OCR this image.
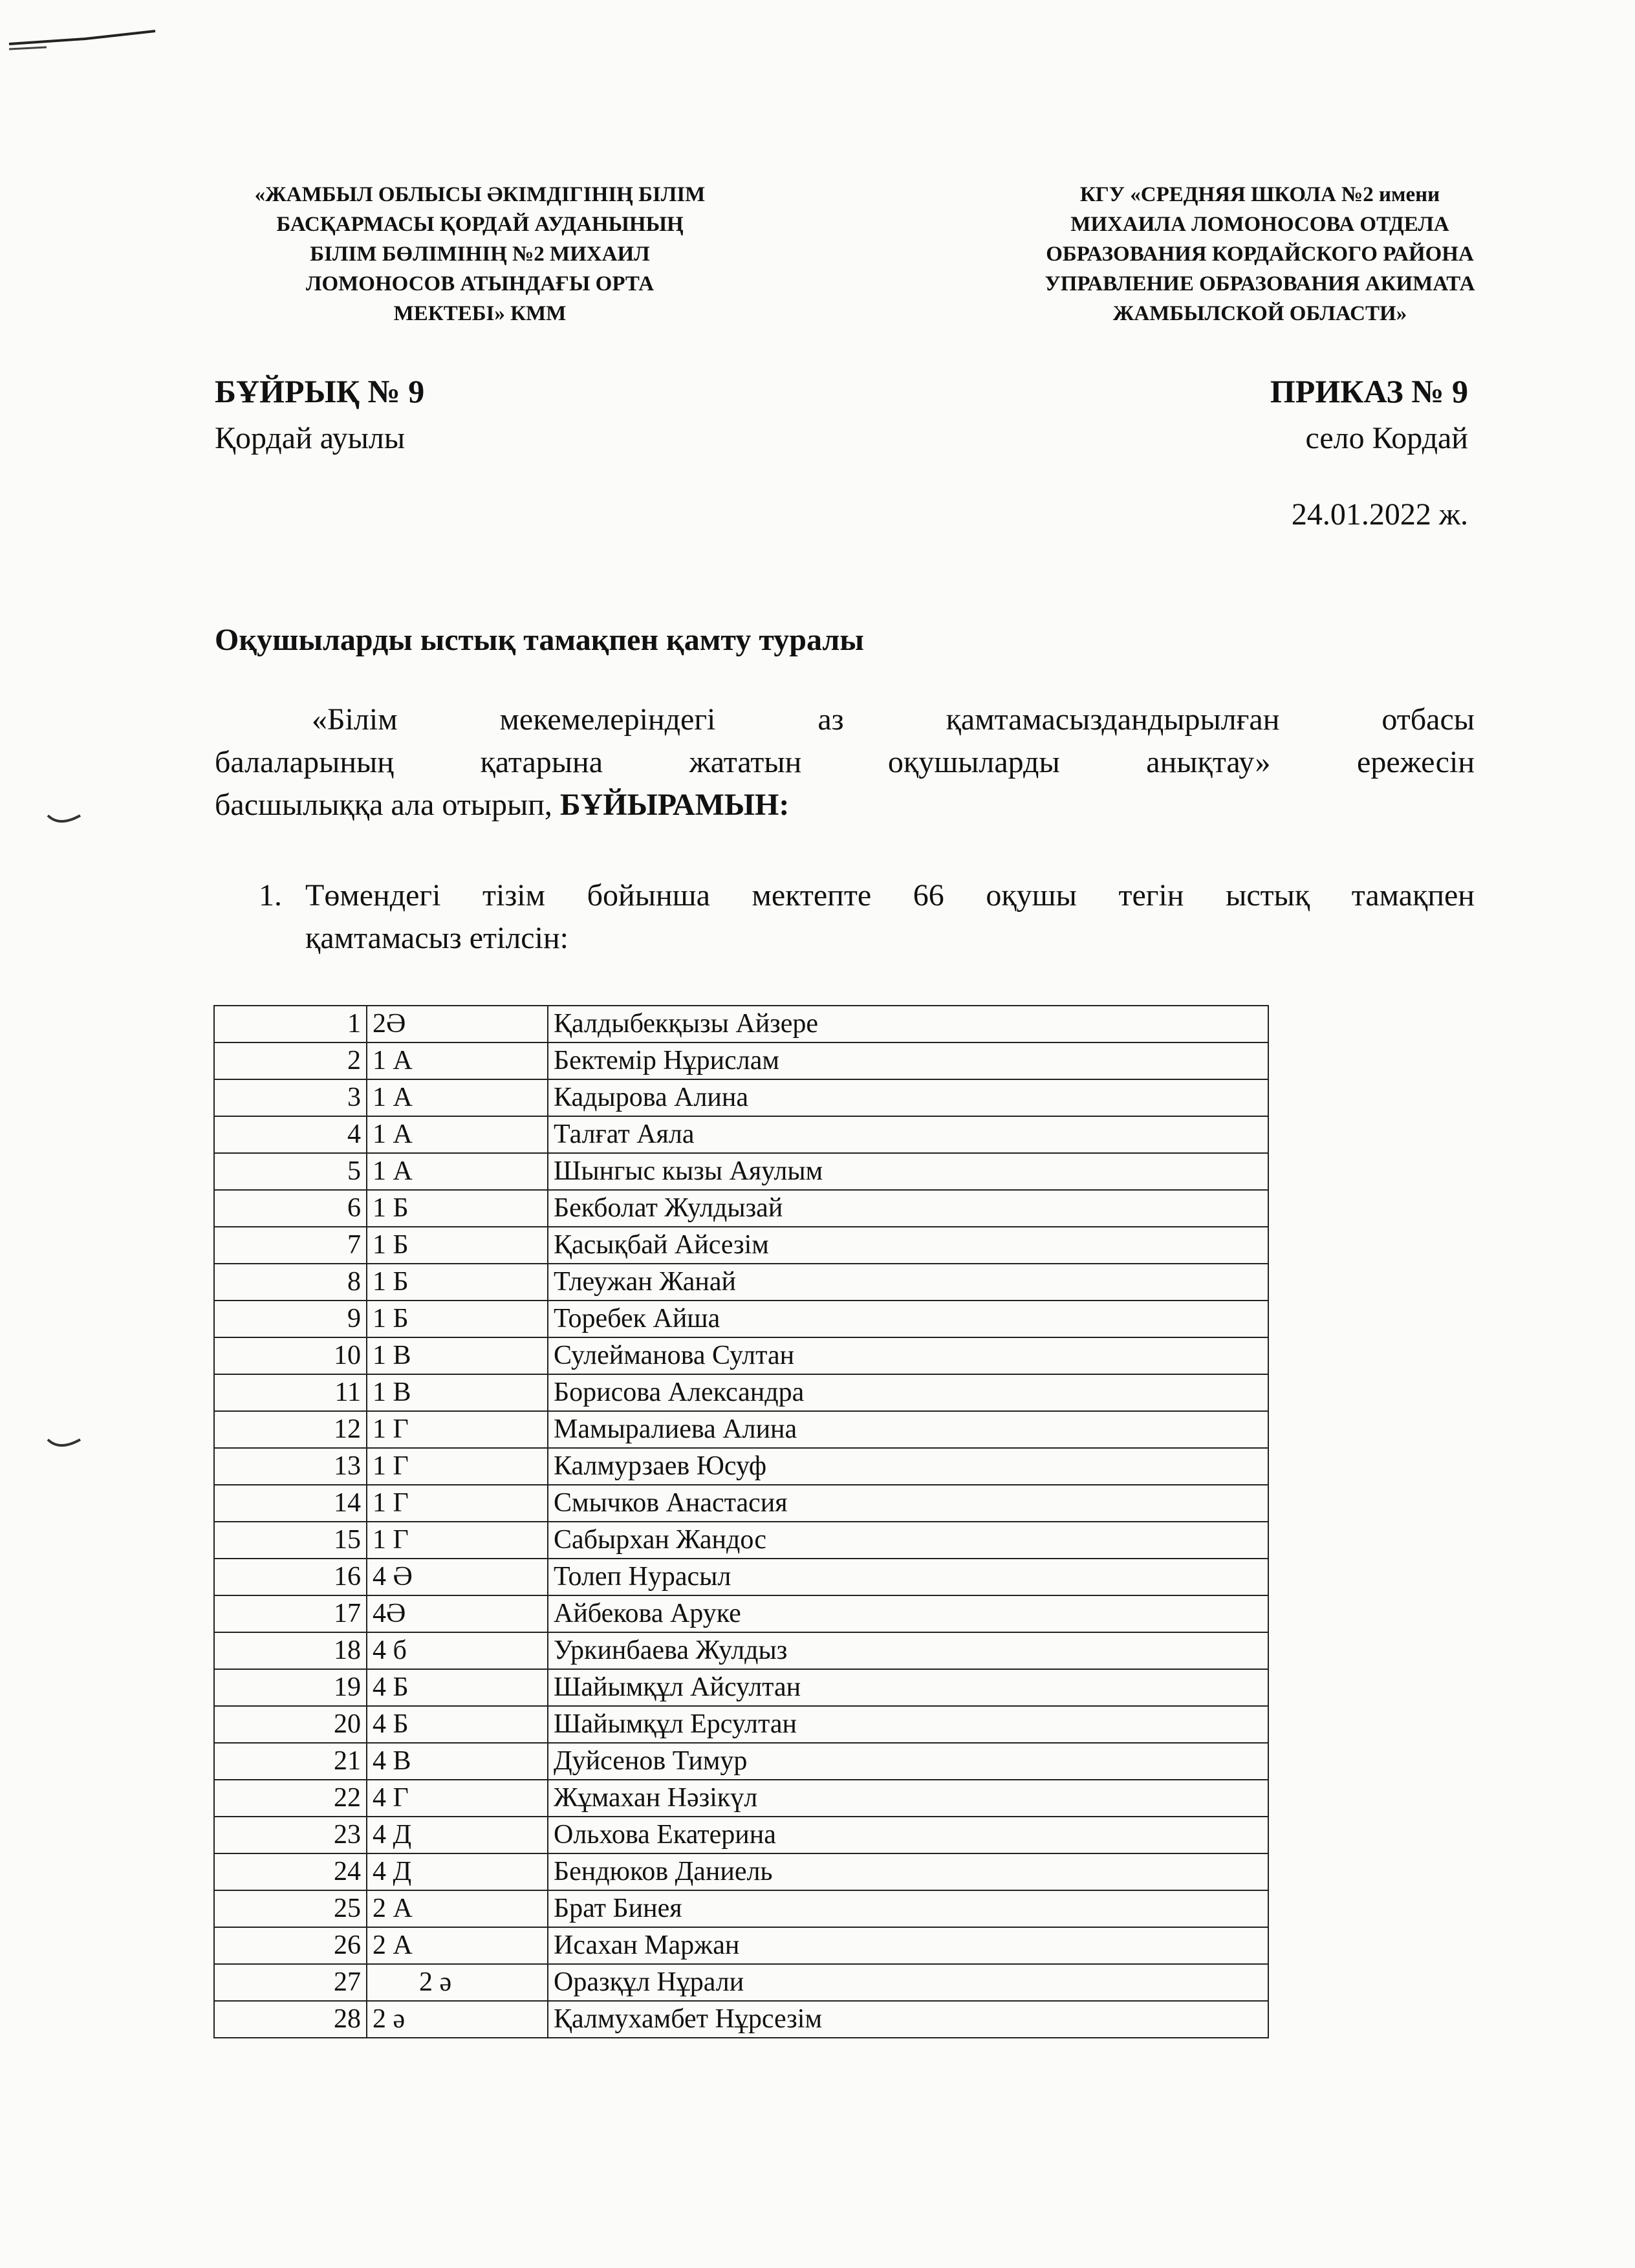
«ЖАМБЫЛ ОБЛЫСЫ ӘКІМДІГІНІҢ БІЛІМ
БАСҚАРМАСЫ ҚОРДАЙ АУДАНЫНЫҢ
БІЛІМ БӨЛІМІНІҢ №2 МИХАИЛ
ЛОМОНОСОВ АТЫНДАҒЫ ОРТА
МЕКТЕБІ» КММ
КГУ «СРЕДНЯЯ ШКОЛА №2 имени
МИХАИЛА ЛОМОНОСОВА ОТДЕЛА
ОБРАЗОВАНИЯ КОРДАЙСКОГО РАЙОНА
УПРАВЛЕНИЕ ОБРАЗОВАНИЯ АКИМАТА
ЖАМБЫЛСКОЙ ОБЛАСТИ»
БҰЙРЫҚ № 9
Қордай ауылы
ПРИКАЗ № 9
село Кордай
24.01.2022 ж.
Оқушыларды ыстық тамақпен қамту туралы
«Білім мекемелеріндегі аз қамтамасыздандырылған отбасы
балаларының қатарына жататын оқушыларды анықтау» ережесін
басшылыққа ала отырып, БҰЙЫРАМЫН:
1. Төмендегі тізім бойынша мектепте 66 оқушы тегін ыстық тамақпен
қамтамасыз етілсін:
1	2Ә	Қалдыбекқызы Айзере
2	1 А	Бектемір Нұрислам
3	1 А	Кадырова Алина
4	1 А	Талғат Аяла
5	1 А	Шынгыс кызы Аяулым
6	1 Б	Бекболат Жулдызай
7	1 Б	Қасықбай Айсезім
8	1 Б	Тлеужан Жанай
9	1 Б	Торебек Айша
10	1 В	Сулейманова Султан
11	1 В	Борисова Александра
12	1 Г	Мамыралиева Алина
13	1 Г	Калмурзаев Юсуф
14	1 Г	Смычков Анастасия
15	1 Г	Сабырхан Жандос
16	4 Ә	Толеп Нурасыл
17	4Ә	Айбекова Аруке
18	4 б	Уркинбаева Жулдыз
19	4 Б	Шайымқұл Айсултан
20	4 Б	Шайымқұл Ерсултан
21	4 В	Дуйсенов Тимур
22	4 Г	Жұмахан Нәзікүл
23	4 Д	Ольхова Екатерина
24	4 Д	Бендюков Даниель
25	2 А	Брат Бинея
26	2 А	Исахан Маржан
27	2 ә	Оразқұл Нұрали
28	2 ә	Қалмухамбет Нұрсезім
